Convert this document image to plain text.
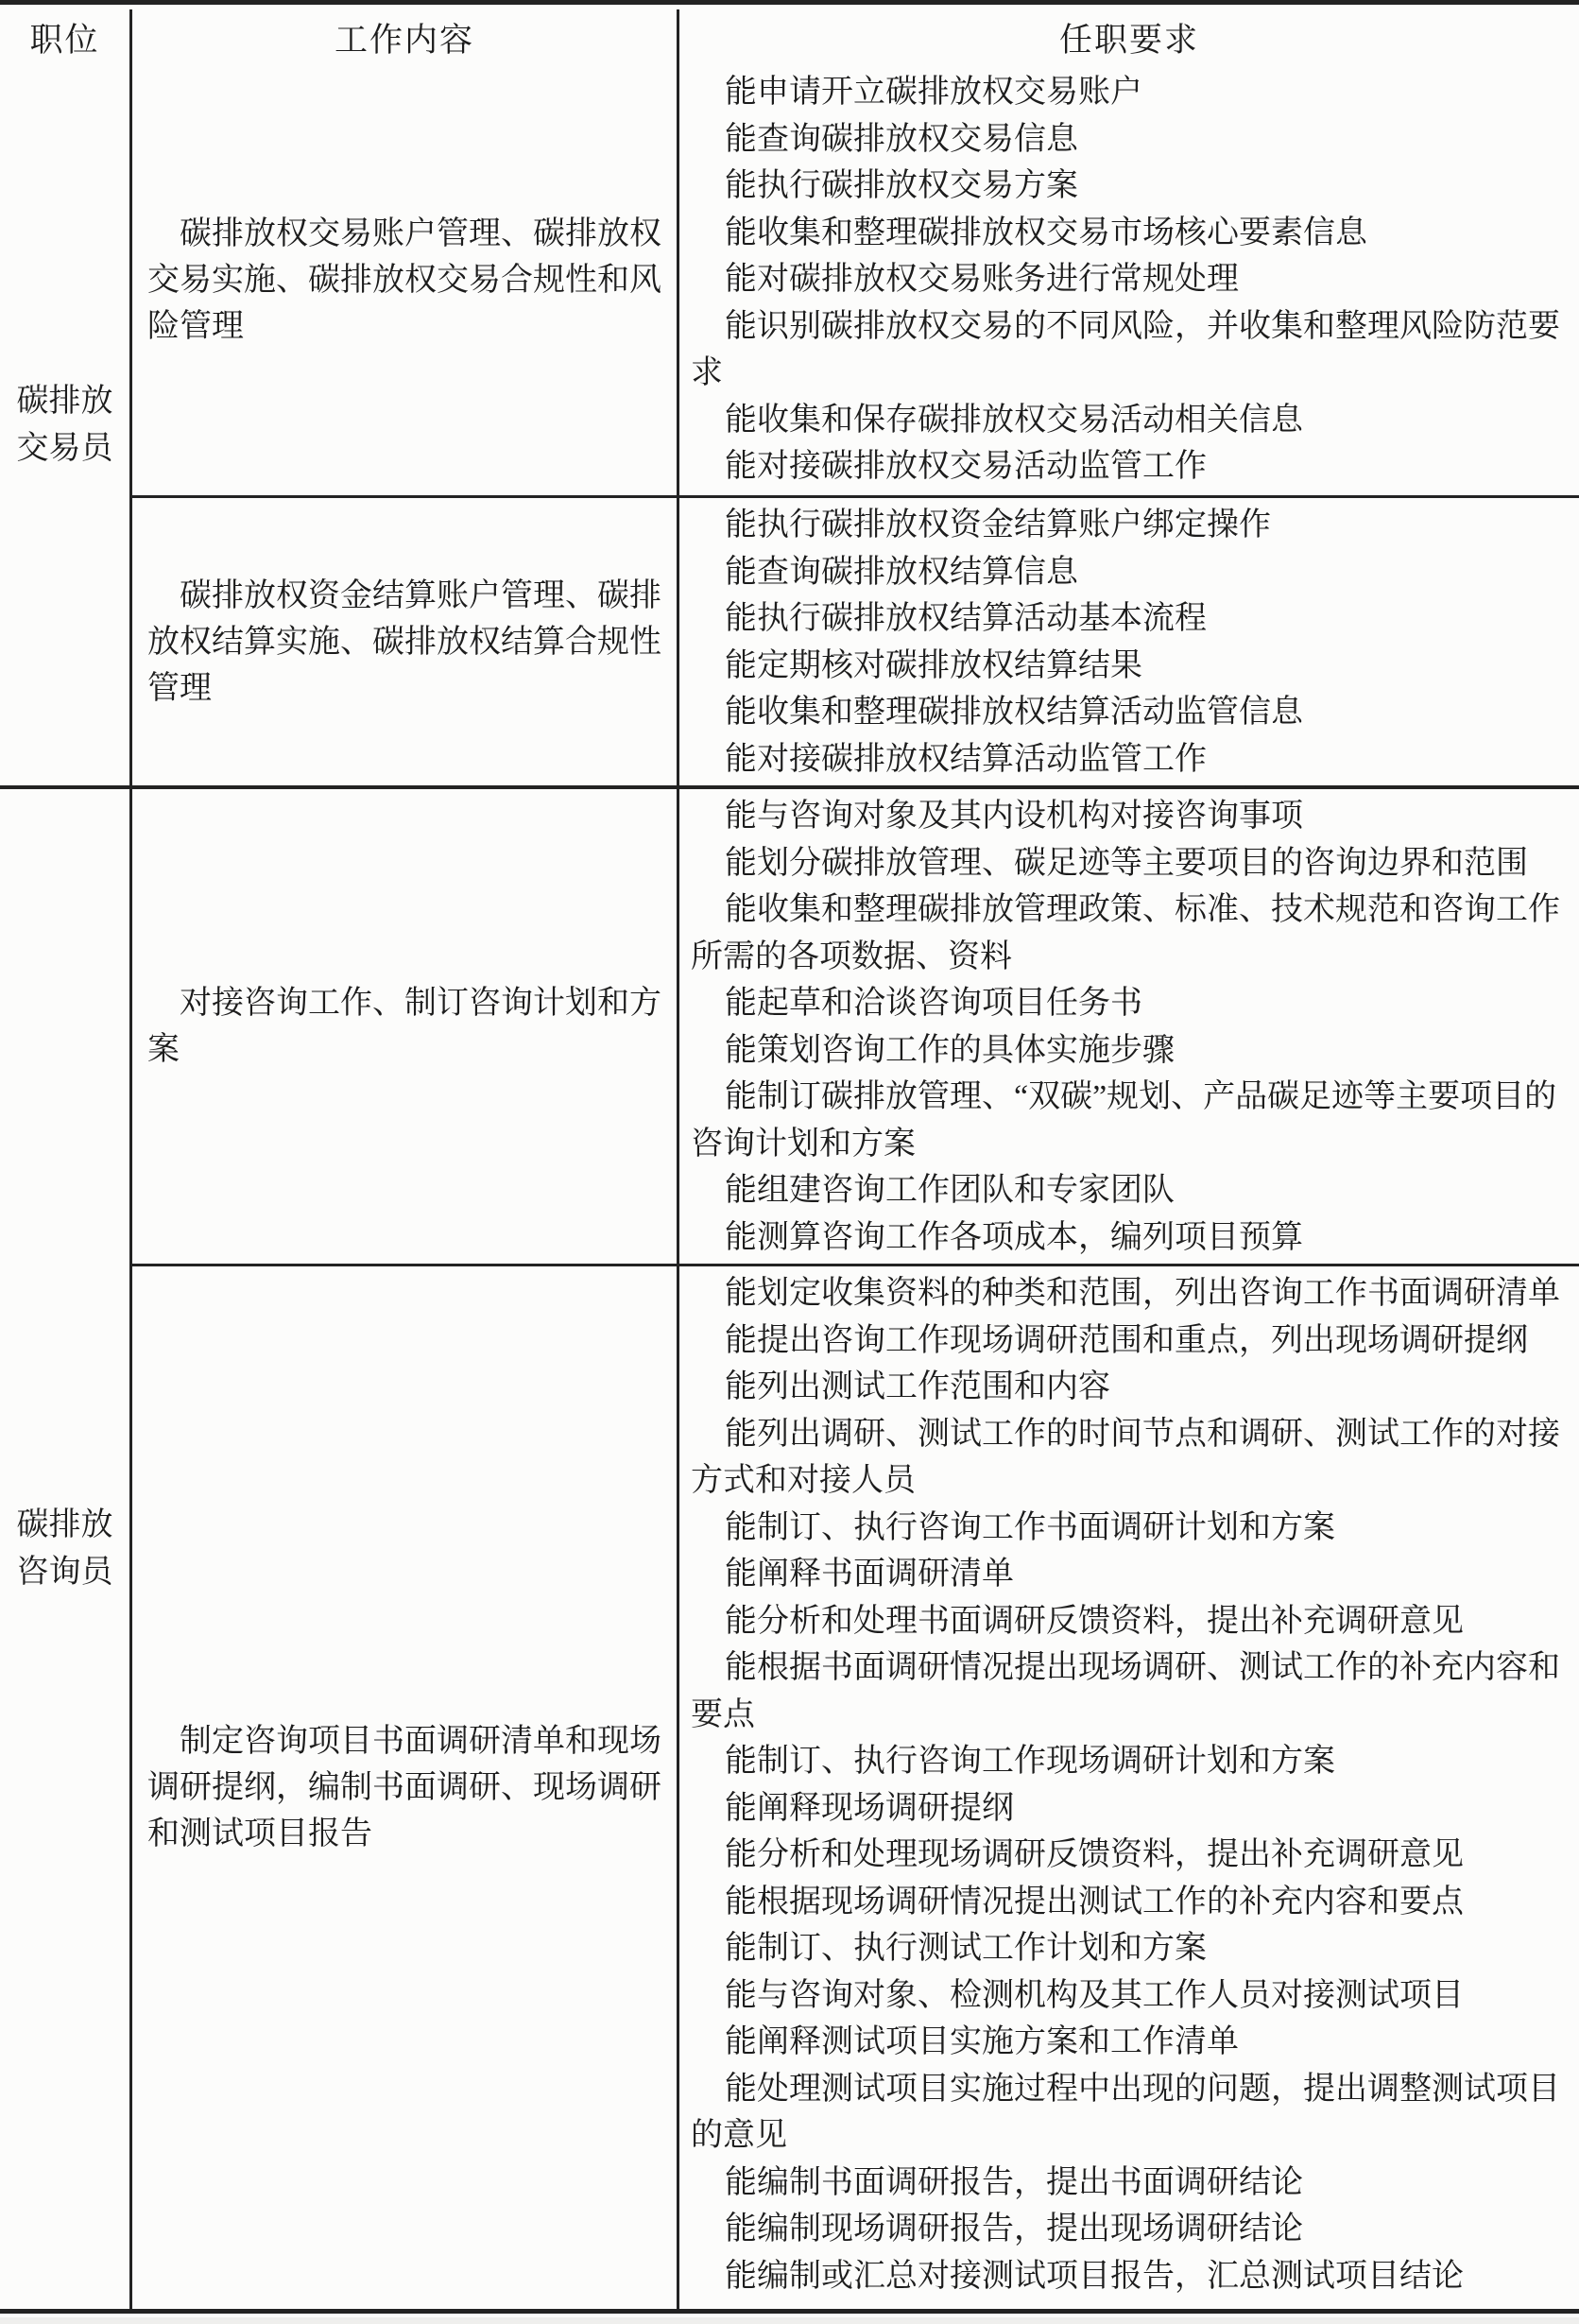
职位	工作内容	任职要求
碳排放交易员
碳排放咨询员

碳排放权交易账户管理、碳排放权交易实施、碳排放权交易合规性和风险管理

碳排放权资金结算账户管理、碳排放权结算实施、碳排放权结算合规性管理

对接咨询工作、制订咨询计划和方案

制定咨询项目书面调研清单和现场调研提纲，编制书面调研、现场调研和测试项目报告

能申请开立碳排放权交易账户

能查询碳排放权交易信息

能执行碳排放权交易方案

能收集和整理碳排放权交易市场核心要素信息

能对碳排放权交易账务进行常规处理

能识别碳排放权交易的不同风险，并收集和整理风险防范要求

能收集和保存碳排放权交易活动相关信息

能对接碳排放权交易活动监管工作

能执行碳排放权资金结算账户绑定操作

能查询碳排放权结算信息

能执行碳排放权结算活动基本流程

能定期核对碳排放权结算结果

能收集和整理碳排放权结算活动监管信息

能对接碳排放权结算活动监管工作

能与咨询对象及其内设机构对接咨询事项

能划分碳排放管理、碳足迹等主要项目的咨询边界和范围

能收集和整理碳排放管理政策、标准、技术规范和咨询工作所需的各项数据、资料

能起草和洽谈咨询项目任务书

能策划咨询工作的具体实施步骤

能制订碳排放管理、“双碳”规划、产品碳足迹等主要项目的咨询计划和方案

能组建咨询工作团队和专家团队

能测算咨询工作各项成本，编列项目预算

能划定收集资料的种类和范围，列出咨询工作书面调研清单

能提出咨询工作现场调研范围和重点，列出现场调研提纲

能列出测试工作范围和内容

能列出调研、测试工作的时间节点和调研、测试工作的对接方式和对接人员

能制订、执行咨询工作书面调研计划和方案

能阐释书面调研清单

能分析和处理书面调研反馈资料，提出补充调研意见

能根据书面调研情况提出现场调研、测试工作的补充内容和要点

能制订、执行咨询工作现场调研计划和方案

能阐释现场调研提纲

能分析和处理现场调研反馈资料，提出补充调研意见

能根据现场调研情况提出测试工作的补充内容和要点

能制订、执行测试工作计划和方案

能与咨询对象、检测机构及其工作人员对接测试项目

能阐释测试项目实施方案和工作清单

能处理测试项目实施过程中出现的问题，提出调整测试项目的意见

能编制书面调研报告，提出书面调研结论

能编制现场调研报告，提出现场调研结论

能编制或汇总对接测试项目报告，汇总测试项目结论
